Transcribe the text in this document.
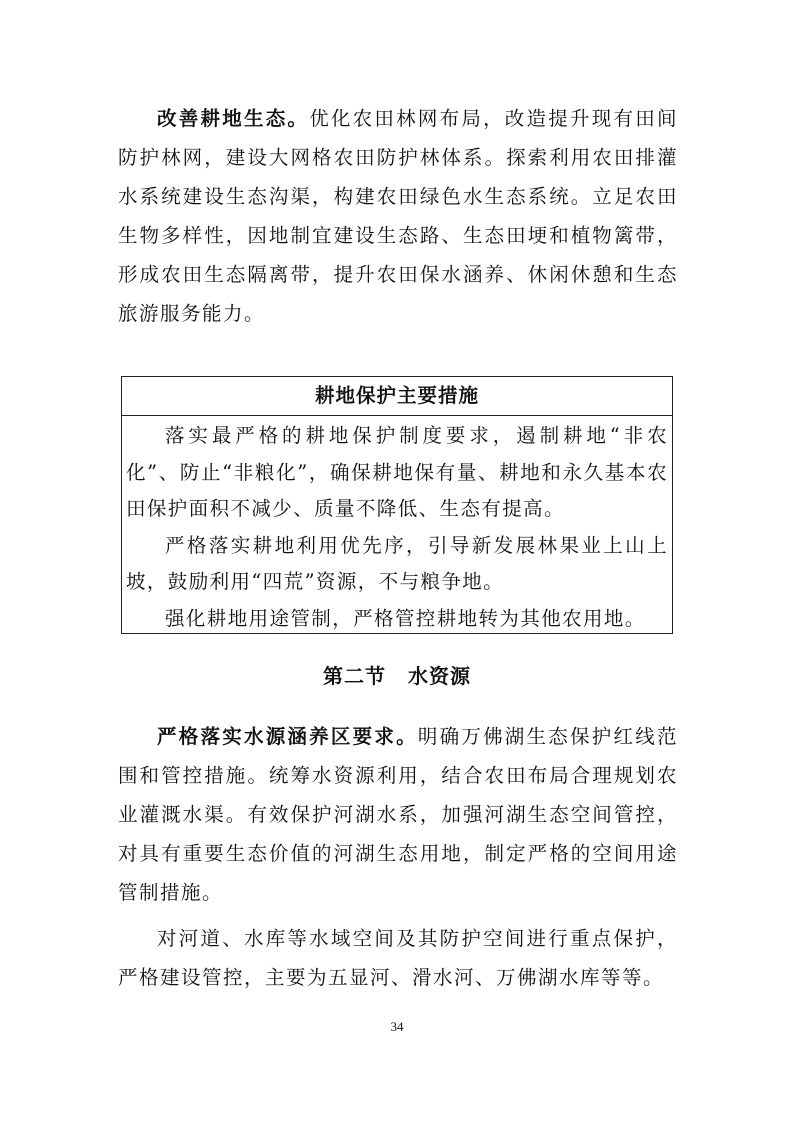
改善耕地生态。优化农田林网布局，改造提升现有田间防护林网，建设大网格农田防护林体系。探索利用农田排灌水系统建设生态沟渠，构建农田绿色水生态系统。立足农田生物多样性，因地制宜建设生态路、生态田埂和植物篱带，形成农田生态隔离带，提升农田保水涵养、休闲休憩和生态旅游服务能力。

耕地保护主要措施

落实最严格的耕地保护制度要求，遏制耕地“非农化”、防止“非粮化”，确保耕地保有量、耕地和永久基本农田保护面积不减少、质量不降低、生态有提高。

严格落实耕地利用优先序，引导新发展林果业上山上坡，鼓励利用“四荒”资源，不与粮争地。

强化耕地用途管制，严格管控耕地转为其他农用地。

第二节 水资源

严格落实水源涵养区要求。明确万佛湖生态保护红线范围和管控措施。统筹水资源利用，结合农田布局合理规划农业灌溉水渠。有效保护河湖水系，加强河湖生态空间管控，对具有重要生态价值的河湖生态用地，制定严格的空间用途管制措施。

对河道、水库等水域空间及其防护空间进行重点保护，严格建设管控，主要为五显河、滑水河、万佛湖水库等等。

34
